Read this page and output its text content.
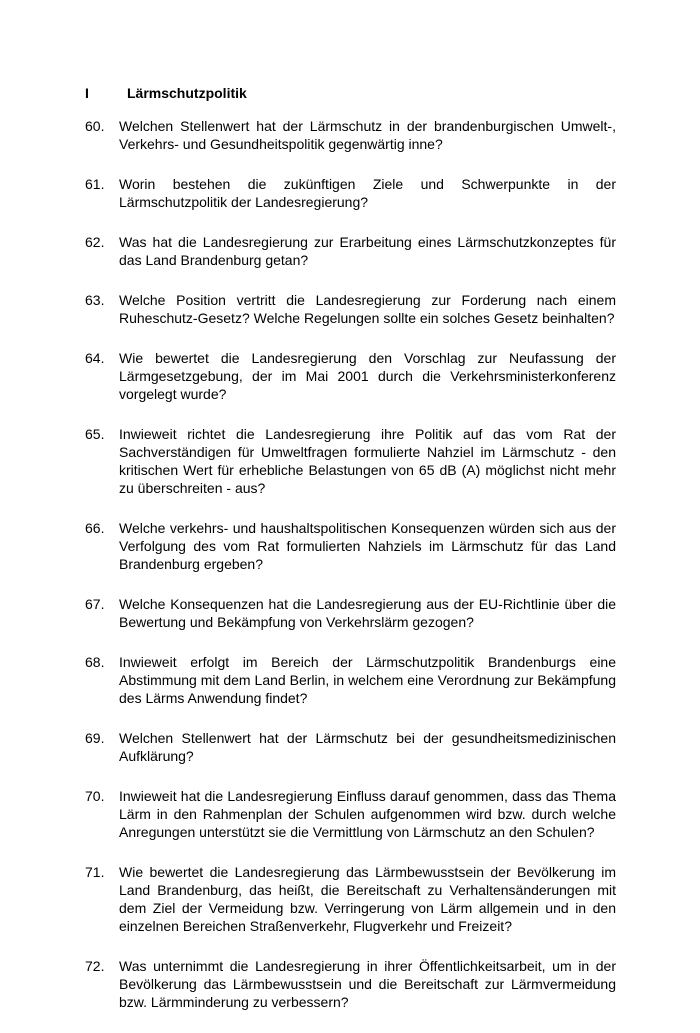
I	Lärmschutzpolitik
60.	Welchen Stellenwert hat der Lärmschutz in der brandenburgischen Umwelt-, Verkehrs- und Gesundheitspolitik gegenwärtig inne?
61.	Worin bestehen die zukünftigen Ziele und Schwerpunkte in der Lärmschutzpolitik der Landesregierung?
62.	Was hat die Landesregierung zur Erarbeitung eines Lärmschutzkonzeptes für das Land Brandenburg getan?
63.	Welche Position vertritt die Landesregierung zur Forderung nach einem Ruheschutz-Gesetz? Welche Regelungen sollte ein solches Gesetz beinhalten?
64.	Wie bewertet die Landesregierung den Vorschlag zur Neufassung der Lärmgesetzgebung, der im Mai 2001 durch die Verkehrsministerkonferenz vorgelegt wurde?
65.	Inwieweit richtet die Landesregierung ihre Politik auf das vom Rat der Sachverständigen für Umweltfragen formulierte Nahziel im Lärmschutz - den kritischen Wert für erhebliche Belastungen von 65 dB (A) möglichst nicht mehr zu überschreiten - aus?
66.	Welche verkehrs- und haushaltspolitischen Konsequenzen würden sich aus der Verfolgung des vom Rat formulierten Nahziels im Lärmschutz für das Land Brandenburg ergeben?
67.	Welche Konsequenzen hat die Landesregierung aus der EU-Richtlinie über die Bewertung und Bekämpfung von Verkehrslärm gezogen?
68.	Inwieweit erfolgt im Bereich der Lärmschutzpolitik Brandenburgs eine Abstimmung mit dem Land Berlin, in welchem eine Verordnung zur Bekämpfung des Lärms Anwendung findet?
69.	Welchen Stellenwert hat der Lärmschutz bei der gesundheitsmedizinischen Aufklärung?
70.	Inwieweit hat die Landesregierung Einfluss darauf genommen, dass das Thema Lärm in den Rahmenplan der Schulen aufgenommen wird bzw. durch welche Anregungen unterstützt sie die Vermittlung von Lärmschutz an den Schulen?
71.	Wie bewertet die Landesregierung das Lärmbewusstsein der Bevölkerung im Land Brandenburg, das heißt, die Bereitschaft zu Verhaltensänderungen mit dem Ziel der Vermeidung bzw. Verringerung von Lärm allgemein und in den einzelnen Bereichen Straßenverkehr, Flugverkehr und Freizeit?
72.	Was unternimmt die Landesregierung in ihrer Öffentlichkeitsarbeit, um in der Bevölkerung das Lärmbewusstsein und die Bereitschaft zur Lärmvermeidung bzw. Lärmminderung zu verbessern?
